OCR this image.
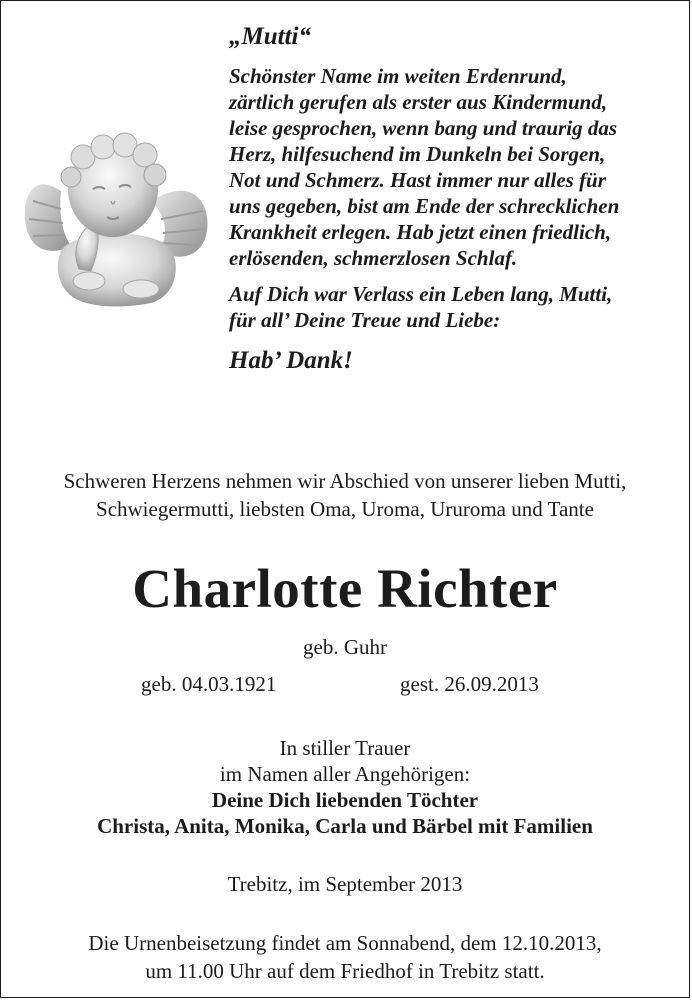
„Mutti“
Schönster Name im weiten Erdenrund,
zärtlich gerufen als erster aus Kindermund,
leise gesprochen, wenn bang und traurig das
Herz, hilfesuchend im Dunkeln bei Sorgen,
Not und Schmerz. Hast immer nur alles für
uns gegeben, bist am Ende der schrecklichen
Krankheit erlegen. Hab jetzt einen friedlich,
erlösenden, schmerzlosen Schlaf.
Auf Dich war Verlass ein Leben lang, Mutti,
für all’ Deine Treue und Liebe:
Hab’ Dank!
Schweren Herzens nehmen wir Abschied von unserer lieben Mutti,
Schwiegermutti, liebsten Oma, Uroma, Ururoma und Tante
Charlotte Richter
geb. Guhr
geb. 04.03.1921	gest. 26.09.2013
In stiller Trauer
im Namen aller Angehörigen:
Deine Dich liebenden Töchter
Christa, Anita, Monika, Carla und Bärbel mit Familien
Trebitz, im September 2013
Die Urnenbeisetzung findet am Sonnabend, dem 12.10.2013,
um 11.00 Uhr auf dem Friedhof in Trebitz statt.
